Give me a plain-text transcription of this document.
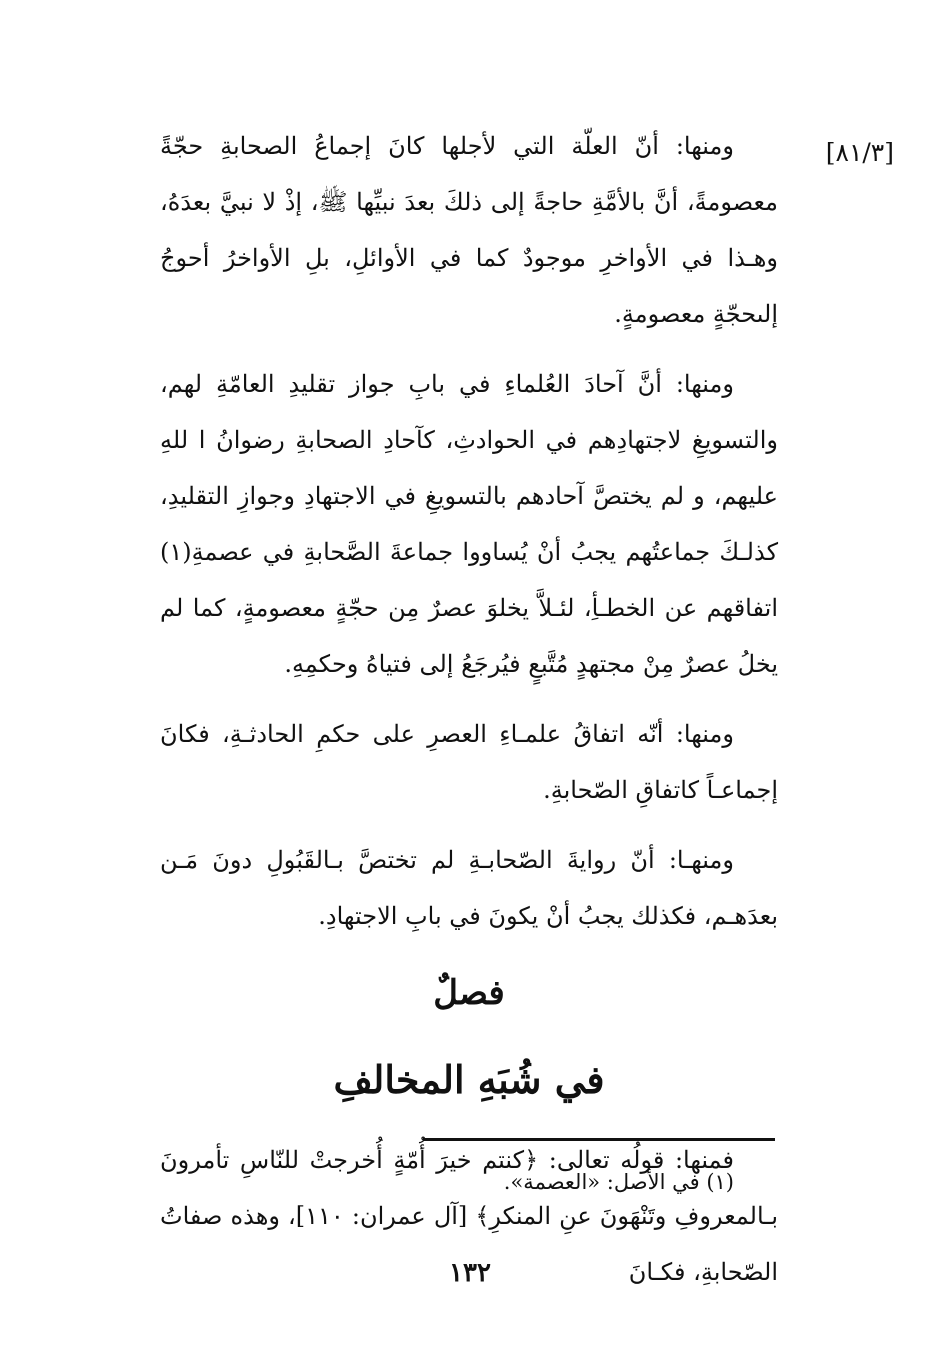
[٨١/٣]

ومنها: أنّ العلّة التي لأجلها كانَ إجماعُ الصحابةِ حجّةً معصومةً، أنَّ بالأمَّةِ حاجةً إلى ذلكَ بعدَ نبيِّها ﷺ، إذْ لا نبيَّ بعدَهُ، وهـذا في الأواخرِ موجودٌ كما في الأوائلِ، بلِ الأواخرُ أحوجُ إلىحجّةٍ معصومةٍ.

ومنها: أنَّ آحادَ العُلماءِ في بابِ جواز تقليدِ العامّةِ لهم، والتسويغِ لاجتهادِهم في الحوادثِ، كآحادِ الصحابةِ رضوانُ ا للهِ عليهم، و لم يختصَّ آحادهم بالتسويغِ في الاجتهادِ وجوازِ التقليدِ، كذلـكَ جماعتُهم يجبُ أنْ يُساووا جماعةَ الصَّحابةِ في عصمةِ(١) اتفاقهم عن الخطـأِ، لئـلاَّ يخلوَ عصرٌ مِن حجّةٍ معصومةٍ، كما لم يخلُ عصرٌ مِنْ مجتهدٍ مُتَّبعٍ فيُرجَعُ إلى فتياهُ وحكمِهِ.

ومنها: أنّه اتفاقُ علمـاءِ العصرِ على حكمِ الحادثـةِ، فكانَ إجماعـاً كاتفاقِ الصّحابةِ.

ومنهـا: أنّ روايةَ الصّحابـةِ لم تختصَّ بـالقَبُولِ دونَ مَـن بعدَهـم، فكذلك يجبُ أنْ يكونَ في بابِ الاجتهادِ.

فصلٌ

في شُبَهِ المخالفِ

فمنها: قولُه تعالى: ﴿كنتم خيرَ أُمّةٍ أُخرجتْ للنّاسِ تأمرونَ بـالمعروفِ وتَنْهَونَ عنِ المنكرِ﴾ [آل عمران: ١١٠]، وهذه صفاتُ الصّحابةِ، فكـانَ

(١) في الأصل: «العصمة».
١٣٢
